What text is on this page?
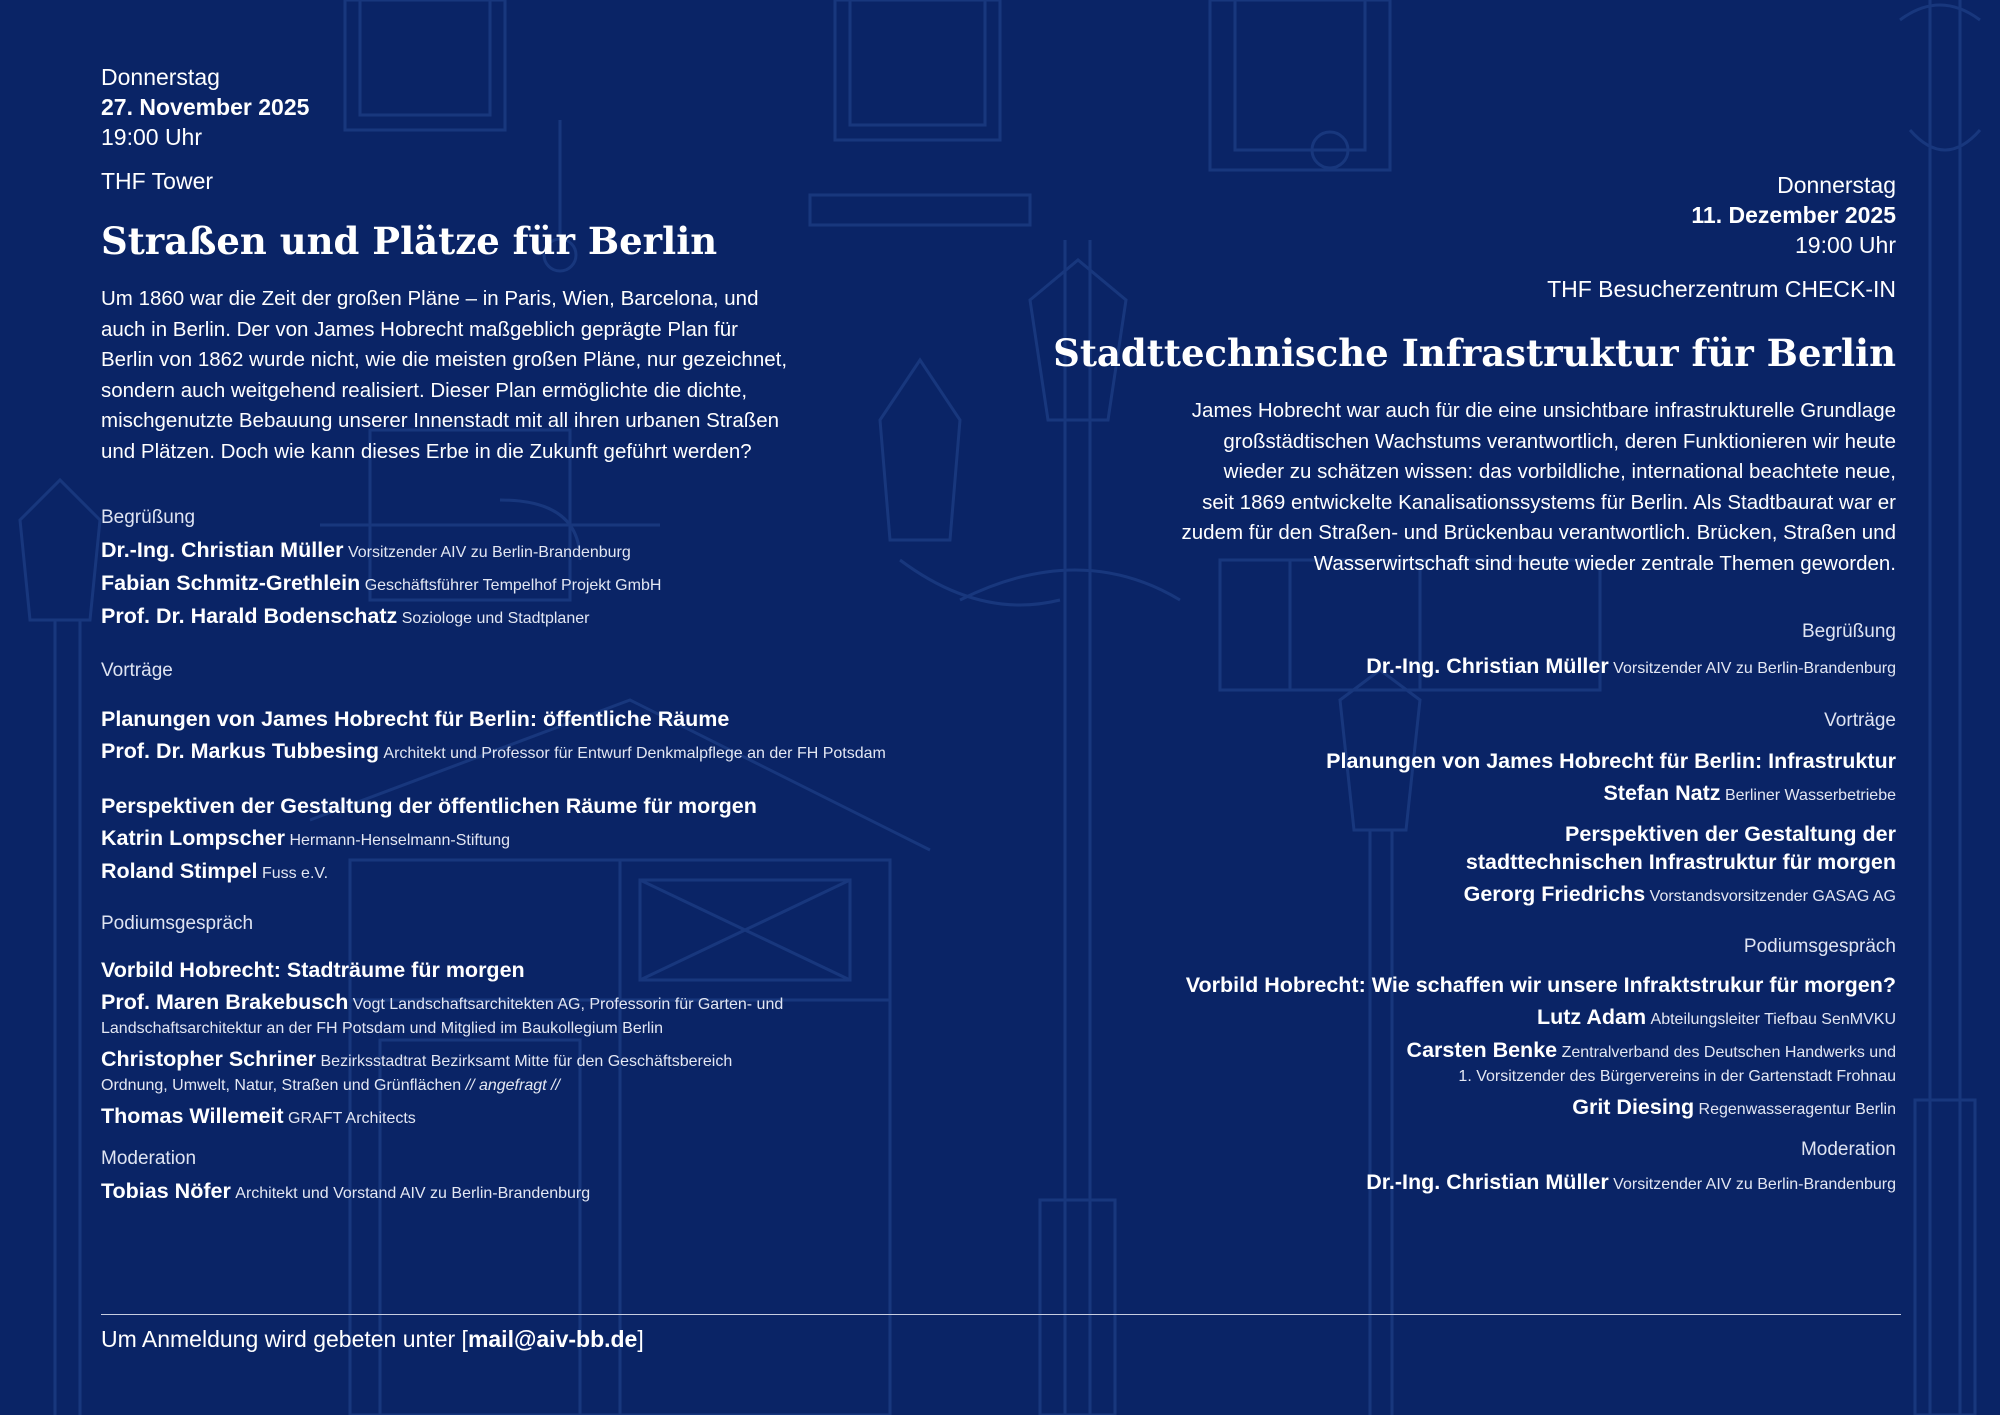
Donnerstag

27. November 2025

19:00 Uhr

THF Tower

Straßen und Plätze für Berlin

Um 1860 war die Zeit der großen Pläne – in Paris, Wien, Barcelona, und
auch in Berlin. Der von James Hobrecht maßgeblich geprägte Plan für
Berlin von 1862 wurde nicht, wie die meisten großen Pläne, nur gezeichnet,
sondern auch weitgehend realisiert. Dieser Plan ermöglichte die dichte,
mischgenutzte Bebauung unserer Innenstadt mit all ihren urbanen Straßen
und Plätzen. Doch wie kann dieses Erbe in die Zukunft geführt werden?

Begrüßung
Dr.-Ing. Christian Müller Vorsitzender AIV zu Berlin-Brandenburg
Fabian Schmitz-Grethlein Geschäftsführer Tempelhof Projekt GmbH
Prof. Dr. Harald Bodenschatz Soziologe und Stadtplaner
Vorträge
Planungen von James Hobrecht für Berlin: öffentliche Räume
Prof. Dr. Markus Tubbesing Architekt und Professor für Entwurf Denkmalpflege an der FH Potsdam
Perspektiven der Gestaltung der öffentlichen Räume für morgen
Katrin Lompscher Hermann-Henselmann-Stiftung
Roland Stimpel Fuss e.V.
Podiumsgespräch
Vorbild Hobrecht: Stadträume für morgen
Prof. Maren Brakebusch Vogt Landschaftsarchitekten AG, Professorin für Garten- und
Landschaftsarchitektur an der FH Potsdam und Mitglied im Baukollegium Berlin
Christopher Schriner Bezirksstadtrat Bezirksamt Mitte für den Geschäftsbereich
Ordnung, Umwelt, Natur, Straßen und Grünflächen // angefragt //
Thomas Willemeit GRAFT Architects
Moderation
Tobias Nöfer Architekt und Vorstand AIV zu Berlin-Brandenburg

Donnerstag

11. Dezember 2025

19:00 Uhr

THF Besucherzentrum CHECK-IN

Stadttechnische Infrastruktur für Berlin

James Hobrecht war auch für die eine unsichtbare infrastrukturelle Grundlage
großstädtischen Wachstums verantwortlich, deren Funktionieren wir heute
wieder zu schätzen wissen: das vorbildliche, international beachtete neue,
seit 1869 entwickelte Kanalisationssystems für Berlin. Als Stadtbaurat war er
zudem für den Straßen- und Brückenbau verantwortlich. Brücken, Straßen und
Wasserwirtschaft sind heute wieder zentrale Themen geworden.

Begrüßung
Dr.-Ing. Christian Müller Vorsitzender AIV zu Berlin-Brandenburg
Vorträge
Planungen von James Hobrecht für Berlin: Infrastruktur
Stefan Natz Berliner Wasserbetriebe
Perspektiven der Gestaltung der
stadttechnischen Infrastruktur für morgen
Gerorg Friedrichs Vorstandsvorsitzender GASAG AG
Podiumsgespräch
Vorbild Hobrecht: Wie schaffen wir unsere Infraktstrukur für morgen?
Lutz Adam Abteilungsleiter Tiefbau SenMVKU
Carsten Benke Zentralverband des Deutschen Handwerks und
1. Vorsitzender des Bürgervereins in der Gartenstadt Frohnau
Grit Diesing Regenwasseragentur Berlin
Moderation
Dr.-Ing. Christian Müller Vorsitzender AIV zu Berlin-Brandenburg
Um Anmeldung wird gebeten unter [mail@aiv-bb.de]
